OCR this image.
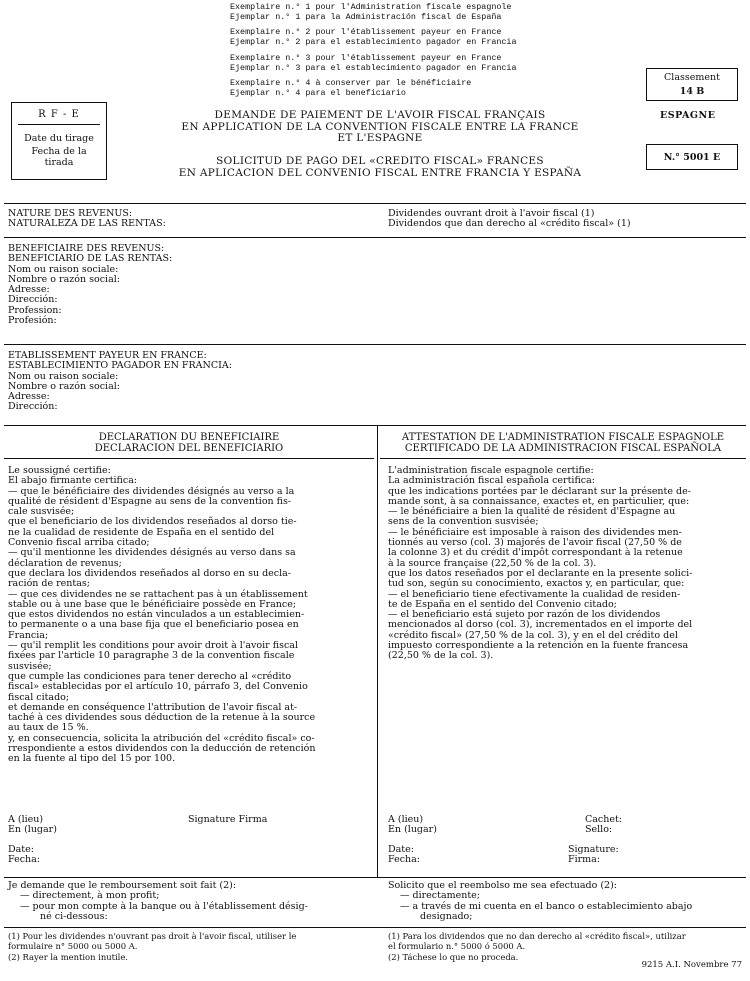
Exemplaire n.° 1 pour l'Administration fiscale espagnole
Ejemplar n.° 1 para la Administración fiscal de España
Exemplaire n.° 2 pour l'établissement payeur en France
Ejemplar n.° 2 para el establecimiento pagador en Francia
Exemplaire n.° 3 pour l'établissement payeur en France
Ejemplar n.° 3 para el establecimiento pagador en Francia
Exemplaire n.° 4 à conserver par le bénéficiaire
Ejemplar n.° 4 para el beneficiario
R F - E
Date du tirage
Fecha de la
tirada
Classement
14 B
ESPAGNE
N.° 5001 E
DEMANDE DE PAIEMENT DE L'AVOIR FISCAL FRANÇAIS
EN APPLICATION DE LA CONVENTION FISCALE ENTRE LA FRANCE
ET L'ESPAGNE
SOLICITUD DE PAGO DEL «CREDITO FISCAL» FRANCES
EN APLICACION DEL CONVENIO FISCAL ENTRE FRANCIA Y ESPAÑA
NATURE DES REVENUS:
NATURALEZA DE LAS RENTAS:
Dividendes ouvrant droit à l'avoir fiscal (1)
Dividendos que dan derecho al «crédito fiscal» (1)
BENEFICIAIRE DES REVENUS:
BENEFICIARIO DE LAS RENTAS:
Nom ou raison sociale:
Nombre o razón social:
Adresse:
Dirección:
Profession:
Profesión:
ETABLISSEMENT PAYEUR EN FRANCE:
ESTABLECIMIENTO PAGADOR EN FRANCIA:
Nom ou raison sociale:
Nombre o razón social:
Adresse:
Dirección:
DECLARATION DU BENEFICIAIRE
DECLARACION DEL BENEFICIARIO
Le soussigné certifie:
El abajo firmante certifica:
— que le bénéficiaire des dividendes désignés au verso a la
qualité de résident d'Espagne au sens de la convention fis-
cale susvisée;
que el beneficiario de los dividendos reseñados al dorso tie-
ne la cualidad de residente de España en el sentido del
Convenio fiscal arriba citado;
— qu'il mentionne les dividendes désignés au verso dans sa
déclaration de revenus;
que declara los dividendos reseñados al dorso en su decla-
ración de rentas;
— que ces dividendes ne se rattachent pas à un établissement
stable ou à une base que le bénéficiaire possède en France;
que estos dividendos no están vinculados a un establecimien-
to permanente o a una base fija que el beneficiario posea en
Francia;
— qu'il remplit les conditions pour avoir droit à l'avoir fiscal
fixées par l'article 10 paragraphe 3 de la convention fiscale
susvisée;
que cumple las condiciones para tener derecho al «crédito
fiscal» establecidas por el artículo 10, párrafo 3, del Convenio
fiscal citado;
et demande en conséquence l'attribution de l'avoir fiscal at-
taché à ces dividendes sous déduction de la retenue à la source
au taux de 15 %.
y, en consecuencia, solicita la atribución del «crédito fiscal» co-
rrespondiente a estos dividendos con la deducción de retención
en la fuente al tipo del 15 por 100.
A (lieu)
En (lugar)
Signature Firma
Date:
Fecha:
ATTESTATION DE L'ADMINISTRATION FISCALE ESPAGNOLE
CERTIFICADO DE LA ADMINISTRACION FISCAL ESPAÑOLA
L'administration fiscale espagnole certifie:
La administración fiscal española certifica:
que les indications portées par le déclarant sur la présente de-
mande sont, à sa connaissance, exactes et, en particulier, que:
— le bénéficiaire a bien la qualité de résident d'Espagne au
sens de la convention susvisée;
— le bénéficiaire est imposable à raison des dividendes men-
tionnés au verso (col. 3) majorés de l'avoir fiscal (27,50 % de
la colonne 3) et du crédit d'impôt correspondant à la retenue
à la source française (22,50 % de la col. 3).
que los datos reseñados por el declarante en la presente solici-
tud son, según su conocimiento, exactos y, en particular, que:
— el beneficiario tiene efectivamente la cualidad de residen-
te de España en el sentido del Convenio citado;
— el beneficiario está sujeto por razón de los dividendos
mencionados al dorso (col. 3), incrementados en el importe del
«crédito fiscal» (27,50 % de la col. 3), y en el del crédito del
impuesto correspondiente a la retención en la fuente francesa
(22,50 % de la col. 3).
A (lieu)
En (lugar)
Cachet:
Sello:
Date:
Fecha:
Signature:
Firma:
Je demande que le remboursement soit fait (2):
— directement, à mon profit;
— pour mon compte à la banque ou à l'établissement désig-
né ci-dessous:
Solicito que el reembolso me sea efectuado (2):
— directamente;
— a través de mi cuenta en el banco o establecimiento abajo
designado;
(1) Pour les dividendes n'ouvrant pas droit à l'avoir fiscal, utiliser le
formulaire n° 5000 ou 5000 A.
(2) Rayer la mention inutile.
(1) Para los dividendos que no dan derecho al «crédito fiscal», utilizar
el formulario n.° 5000 ó 5000 A.
(2) Táchese lo que no proceda.
9215 A.I. Novembre 77
